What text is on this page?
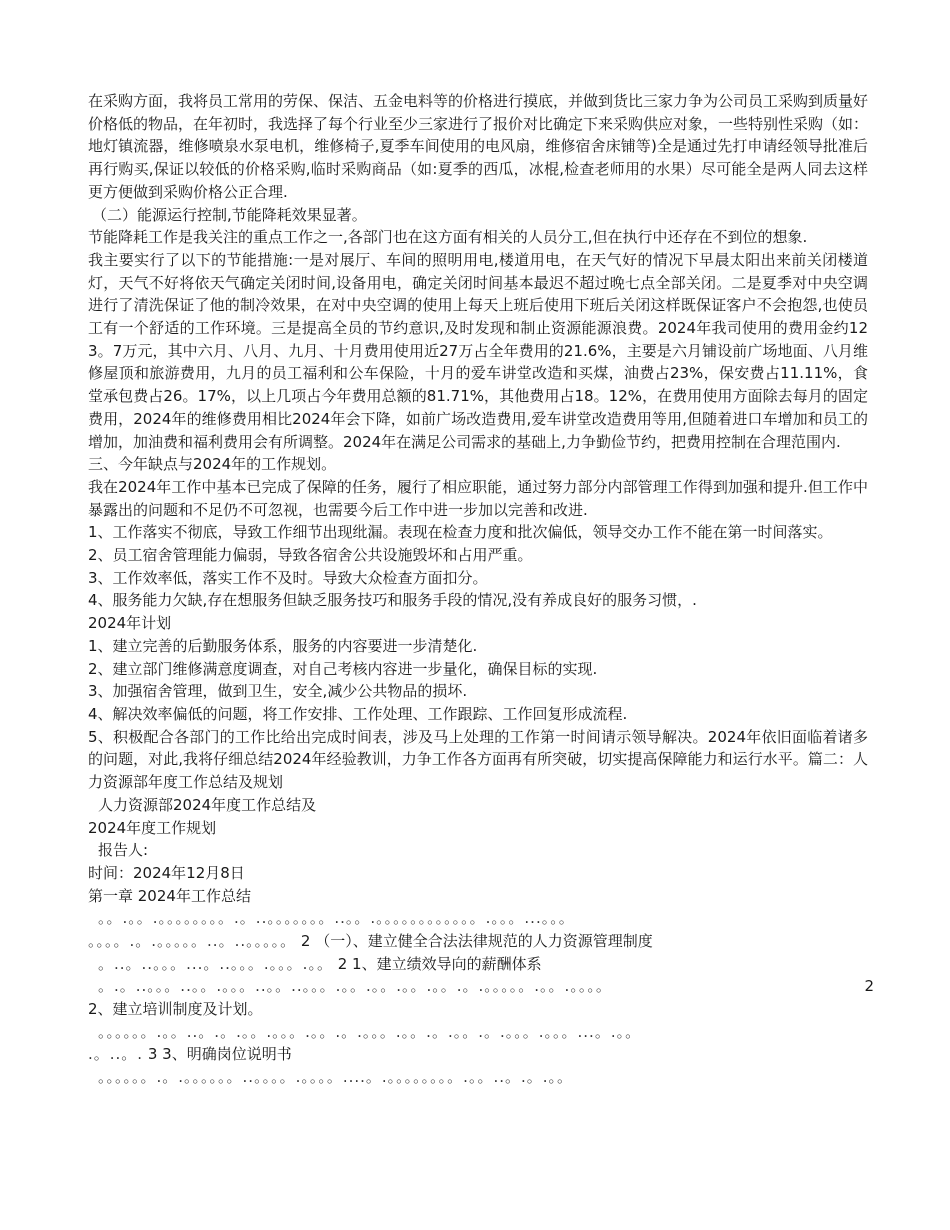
在采购方面，我将员工常用的劳保、保洁、五金电料等的价格进行摸底，并做到货比三家力争为公司员工采购到质量好价格低的物品，在年初时，我选择了每个行业至少三家进行了报价对比确定下来采购供应对象，一些特别性采购（如：地灯镇流器，维修喷泉水泵电机，维修椅子,夏季车间使用的电风扇，维修宿舍床铺等)全是通过先打申请经领导批准后再行购买,保证以较低的价格采购,临时采购商品（如:夏季的西瓜，冰棍,检查老师用的水果）尽可能全是两人同去这样更方便做到采购价格公正合理.

（二）能源运行控制,节能降耗效果显著。

节能降耗工作是我关注的重点工作之一,各部门也在这方面有相关的人员分工,但在执行中还存在不到位的想象.

我主要实行了以下的节能措施:一是对展厅、车间的照明用电,楼道用电，在天气好的情况下早晨太阳出来前关闭楼道灯，天气不好将依天气确定关闭时间,设备用电，确定关闭时间基本最迟不超过晚七点全部关闭。二是夏季对中央空调进行了清洗保证了他的制冷效果，在对中央空调的使用上每天上班后使用下班后关闭这样既保证客户不会抱怨,也使员工有一个舒适的工作环境。三是提高全员的节约意识,及时发现和制止资源能源浪费。2024年我司使用的费用金约123。7万元，其中六月、八月、九月、十月费用使用近27万占全年费用的21.6%，主要是六月铺设前广场地面、八月维修屋顶和旅游费用，九月的员工福利和公车保险，十月的爱车讲堂改造和买煤，油费占23%，保安费占11.11%，食堂承包费占26。17%，以上几项占今年费用总额的81.71%，其他费用占18。12%，在费用使用方面除去每月的固定费用，2024年的维修费用相比2024年会下降，如前广场改造费用,爱车讲堂改造费用等用,但随着进口车增加和员工的增加，加油费和福利费用会有所调整。2024年在满足公司需求的基础上,力争勤俭节约，把费用控制在合理范围内.

三、今年缺点与2024年的工作规划。

我在2024年工作中基本已完成了保障的任务，履行了相应职能，通过努力部分内部管理工作得到加强和提升.但工作中暴露出的问题和不足仍不可忽视，也需要今后工作中进一步加以完善和改进.

1、工作落实不彻底，导致工作细节出现纰漏。表现在检查力度和批次偏低，领导交办工作不能在第一时间落实。

2、员工宿舍管理能力偏弱，导致各宿舍公共设施毁坏和占用严重。

3、工作效率低，落实工作不及时。导致大众检查方面扣分。

4、服务能力欠缺,存在想服务但缺乏服务技巧和服务手段的情况,没有养成良好的服务习惯，.

2024年计划

1、建立完善的后勤服务体系，服务的内容要进一步清楚化.

2、建立部门维修满意度调查，对自己考核内容进一步量化，确保目标的实现.

3、加强宿舍管理，做到卫生，安全,减少公共物品的损坏.

4、解决效率偏低的问题，将工作安排、工作处理、工作跟踪、工作回复形成流程.

5、积极配合各部门的工作比给出完成时间表，涉及马上处理的工作第一时间请示领导解决。2024年依旧面临着诸多的问题，对此,我将仔细总结2024年经验教训，力争工作各方面再有所突破，切实提高保障能力和运行水平。篇二：人力资源部年度工作总结及规划

人力资源部2024年度工作总结及

2024年度工作规划

报告人:

时间：2024年12月8日

第一章 2024年工作总结

。。.。。.。。。。。。。。.。..。。。。。。。..。。.。。。。。。。。。。。。.。。。...。。。

。。。。.。.。。。。。..。..。。。。。 2 （一）、建立健全合法法律规范的人力资源管理制度

。..。..。。。...。..。。。.。。。.。。 2 1、建立绩效导向的薪酬体系

。.。..。。。..。。.。。。..。。..。。。.。。.。。.。。.。。.。.。。。。。.。。.。。。。	2

2、建立培训制度及计划。

。。。。。。.。。..。.。.。。.。。。.。。.。.。。。.。。.。.。。.。.。。。.。。。...。.。。

.。..。. 3 3、明确岗位说明书

。。。。。。.。.。。。。。。..。。。。.。。。。....。.。。。。。。。。.。。..。.。.。。
